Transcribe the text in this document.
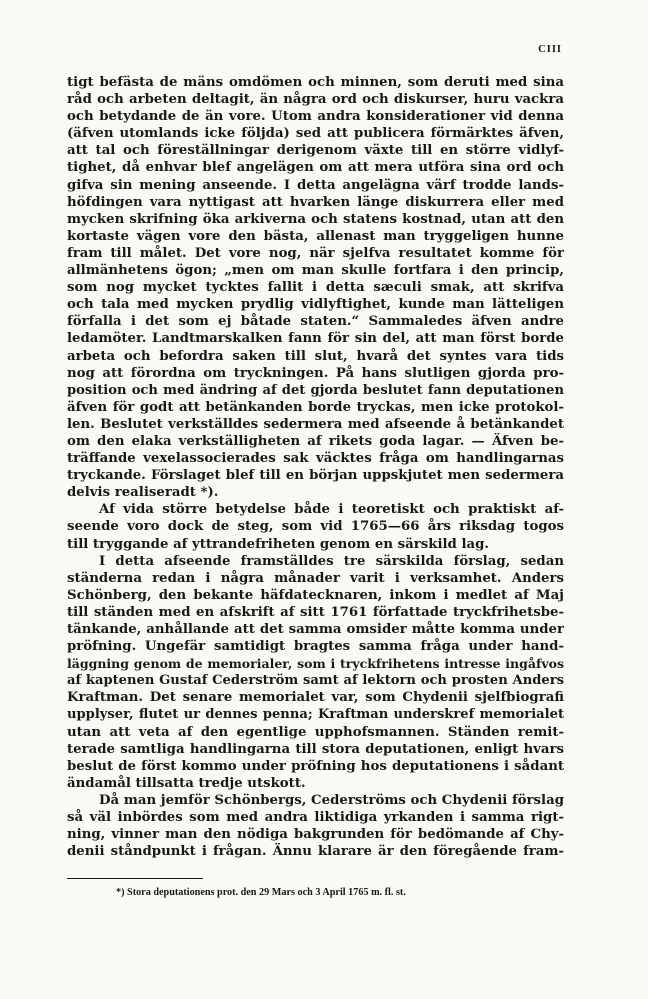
CIII
tigt befästa de mäns omdömen och minnen, som deruti med sina
råd och arbeten deltagit, än några ord och diskurser, huru vackra
och betydande de än vore. Utom andra konsiderationer vid denna
(äfven utomlands icke följda) sed att publicera förmärktes äfven,
att tal och föreställningar derigenom växte till en större vidlyf-
tighet, då enhvar blef angelägen om att mera utföra sina ord och
gifva sin mening anseende. I detta angelägna värf trodde lands-
höfdingen vara nyttigast att hvarken länge diskurrera eller med
mycken skrifning öka arkiverna och statens kostnad, utan att den
kortaste vägen vore den bästa, allenast man tryggeligen hunne
fram till målet. Det vore nog, när sjelfva resultatet komme för
allmänhetens ögon; „men om man skulle fortfara i den princip,
som nog mycket tycktes fallit i detta sæculi smak, att skrifva
och tala med mycken prydlig vidlyftighet, kunde man lätteligen
förfalla i det som ej båtade staten.“ Sammaledes äfven andre
ledamöter. Landtmarskalken fann för sin del, att man först borde
arbeta och befordra saken till slut, hvarå det syntes vara tids
nog att förordna om tryckningen. På hans slutligen gjorda pro-
position och med ändring af det gjorda beslutet fann deputationen
äfven för godt att betänkanden borde tryckas, men icke protokol-
len. Beslutet verkställdes sedermera med afseende å betänkandet
om den elaka verkställigheten af rikets goda lagar. — Äfven be-
träffande vexelassocierades sak väcktes fråga om handlingarnas
tryckande. Förslaget blef till en början uppskjutet men sedermera
delvis realiseradt *).
Af vida större betydelse både i teoretiskt och praktiskt af-
seende voro dock de steg, som vid 1765—66 års riksdag togos
till tryggande af yttrandefriheten genom en särskild lag.
I detta afseende framställdes tre särskilda förslag, sedan
ständerna redan i några månader varit i verksamhet. Anders
Schönberg, den bekante häfdatecknaren, inkom i medlet af Maj
till ständen med en afskrift af sitt 1761 författade tryckfrihetsbe-
tänkande, anhållande att det samma omsider måtte komma under
pröfning. Ungefär samtidigt bragtes samma fråga under hand-
läggning genom de memorialer, som i tryckfrihetens intresse ingåfvos
af kaptenen Gustaf Cederström samt af lektorn och prosten Anders
Kraftman. Det senare memorialet var, som Chydenii sjelfbiografi
upplyser, flutet ur dennes penna; Kraftman underskref memorialet
utan att veta af den egentlige upphofsmannen. Ständen remit-
terade samtliga handlingarna till stora deputationen, enligt hvars
beslut de först kommo under pröfning hos deputationens i sådant
ändamål tillsatta tredje utskott.
Då man jemför Schönbergs, Cederströms och Chydenii förslag
så väl inbördes som med andra liktidiga yrkanden i samma rigt-
ning, vinner man den nödiga bakgrunden för bedömande af Chy-
denii ståndpunkt i frågan. Ännu klarare är den föregående fram-
*) Stora deputationens prot. den 29 Mars och 3 April 1765 m. fl. st.
